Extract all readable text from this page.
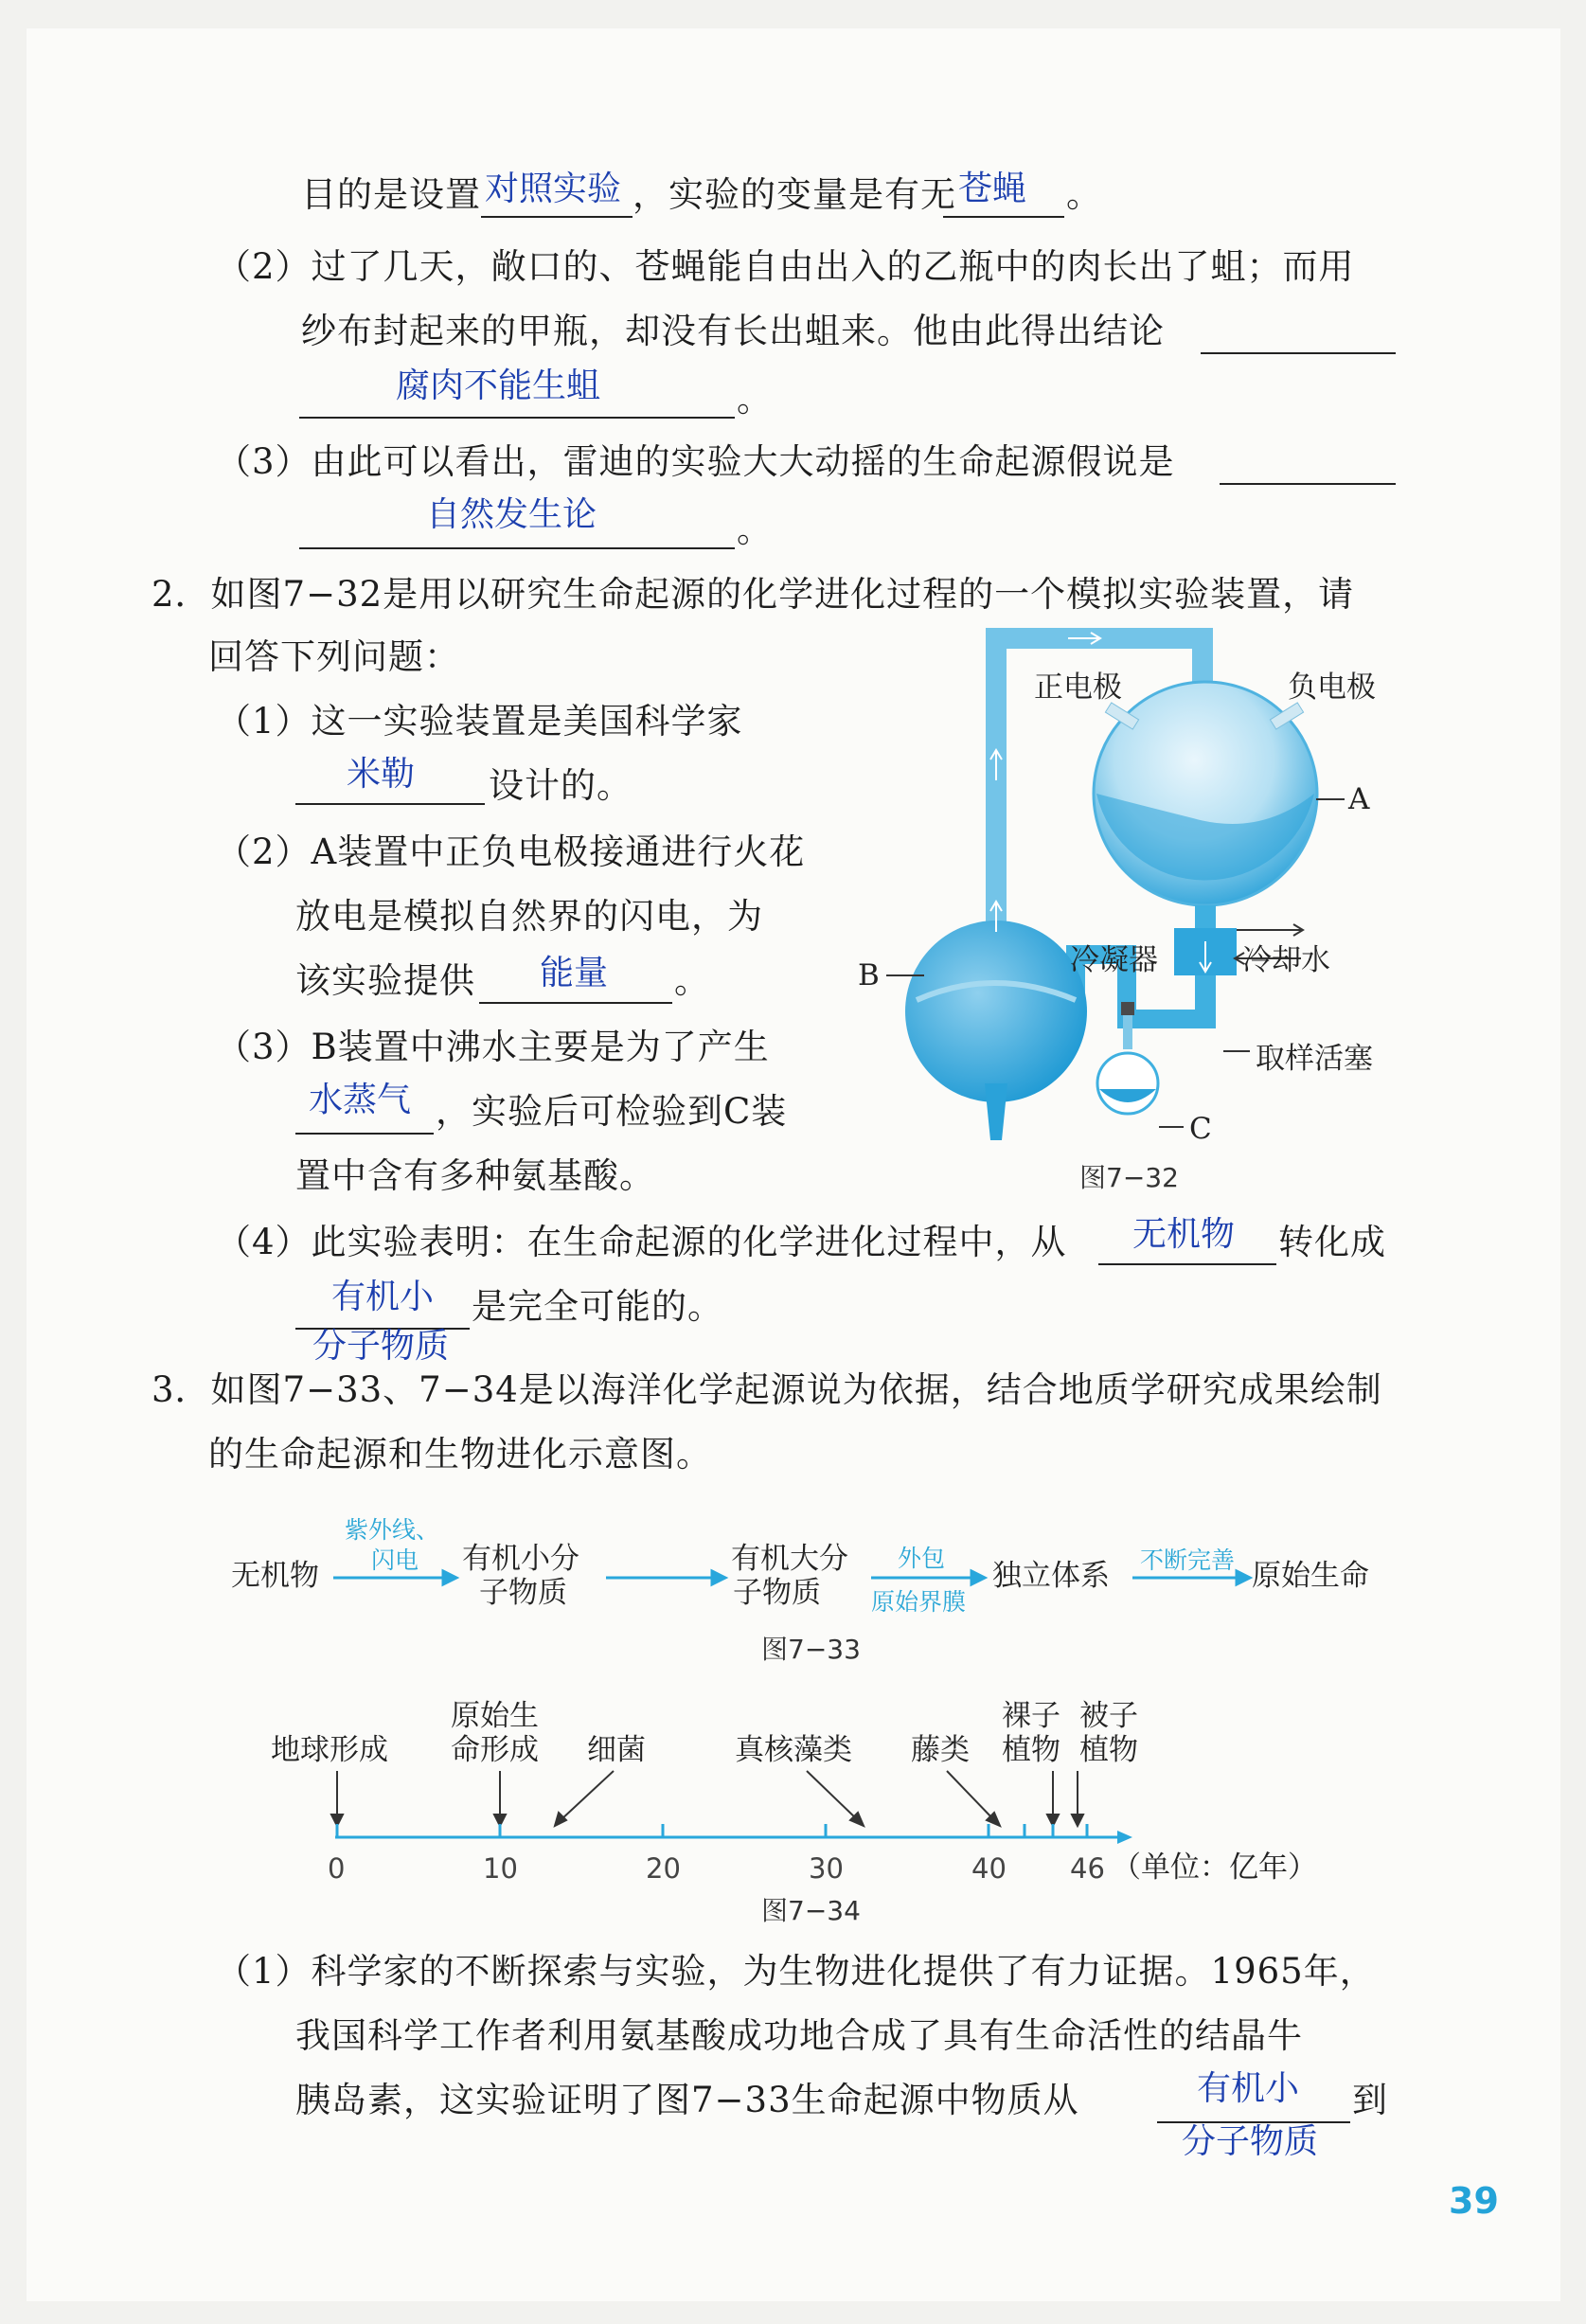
目的是设置 对照实验 ，实验的变量是有无 苍蝇 。
（2）过了几天，敞口的、苍蝇能自由出入的乙瓶中的肉长出了蛆；而用
纱布封起来的甲瓶，却没有长出蛆来。他由此得出结论
腐肉不能生蛆	。
（3）由此可以看出，雷迪的实验大大动摇的生命起源假说是
自然发生论	。
2．如图7−32是用以研究生命起源的化学进化过程的一个模拟实验装置，请
回答下列问题：
（1）这一实验装置是美国科学家
米勒 设计的。
（2）A装置中正负电极接通进行火花
放电是模拟自然界的闪电，为
该实验提供 能量 。
（3）B装置中沸水主要是为了产生
水蒸气 ，实验后可检验到C装
置中含有多种氨基酸。
正电极	负电极
A
冷凝器	冷却水
B
取样活塞
C
图7−32
（4）此实验表明：在生命起源的化学进化过程中，从 无机物 转化成
有机小
分子物质
是完全可能的。
3．如图7−33、7−34是以海洋化学起源说为依据，结合地质学研究成果绘制
的生命起源和生物进化示意图。
无机物
紫外线、
闪电 有机小分
子物质
有机大分
子物质
外包
原始界膜
独立体系 不断完善 原始生命
图7−33
地球形成
原始生
命形成 细菌	真核藻类 藤类
裸子
植物
被子
植物
0	10	20	30	40 46 （单位：亿年）
图7−34
（1）科学家的不断探索与实验，为生物进化提供了有力证据。1965年，
我国科学工作者利用氨基酸成功地合成了具有生命活性的结晶牛
胰岛素，这实验证明了图7−33生命起源中物质从	有机小
分子物质
到
39
